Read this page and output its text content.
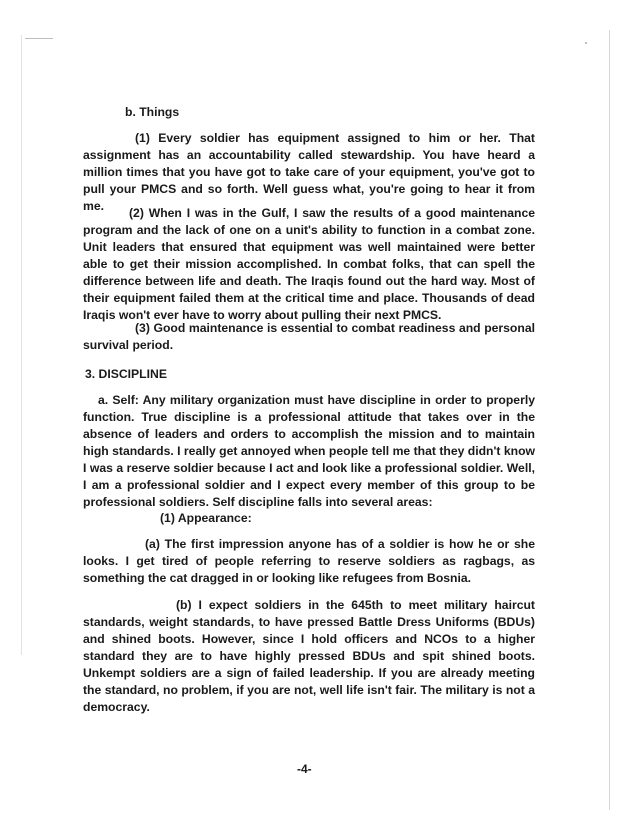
b. Things
(1) Every soldier has equipment assigned to him or her. That assignment has an accountability called stewardship. You have heard a million times that you have got to take care of your equipment, you've got to pull your PMCS and so forth. Well guess what, you're going to hear it from me.	(2) When I was in the Gulf, I saw the results of a good maintenance program and the lack of one on a unit's ability to function in a combat zone. Unit leaders that ensured that equipment was well maintained were better able to get their mission accomplished. In combat folks, that can spell the difference between life and death. The Iraqis found out the hard way. Most of their equipment failed them at the critical time and place. Thousands of dead Iraqis won't ever have to worry about pulling their next PMCS.
(3) Good maintenance is essential to combat readiness and personal survival period.
3. DISCIPLINE
a. Self: Any military organization must have discipline in order to properly function. True discipline is a professional attitude that takes over in the absence of leaders and orders to accomplish the mission and to maintain high standards. I really get annoyed when people tell me that they didn't know I was a reserve soldier because I act and look like a professional soldier. Well, I am a professional soldier and I expect every member of this group to be professional soldiers. Self discipline falls into several areas:
(1) Appearance:
(a) The first impression anyone has of a soldier is how he or she looks. I get tired of people referring to reserve soldiers as ragbags, as something the cat dragged in or looking like refugees from Bosnia.
(b) I expect soldiers in the 645th to meet military haircut standards, weight standards, to have pressed Battle Dress Uniforms (BDUs) and shined boots. However, since I hold officers and NCOs to a higher standard they are to have highly pressed BDUs and spit shined boots. Unkempt soldiers are a sign of failed leadership. If you are already meeting the standard, no problem, if you are not, well life isn't fair. The military is not a democracy.
-4-
